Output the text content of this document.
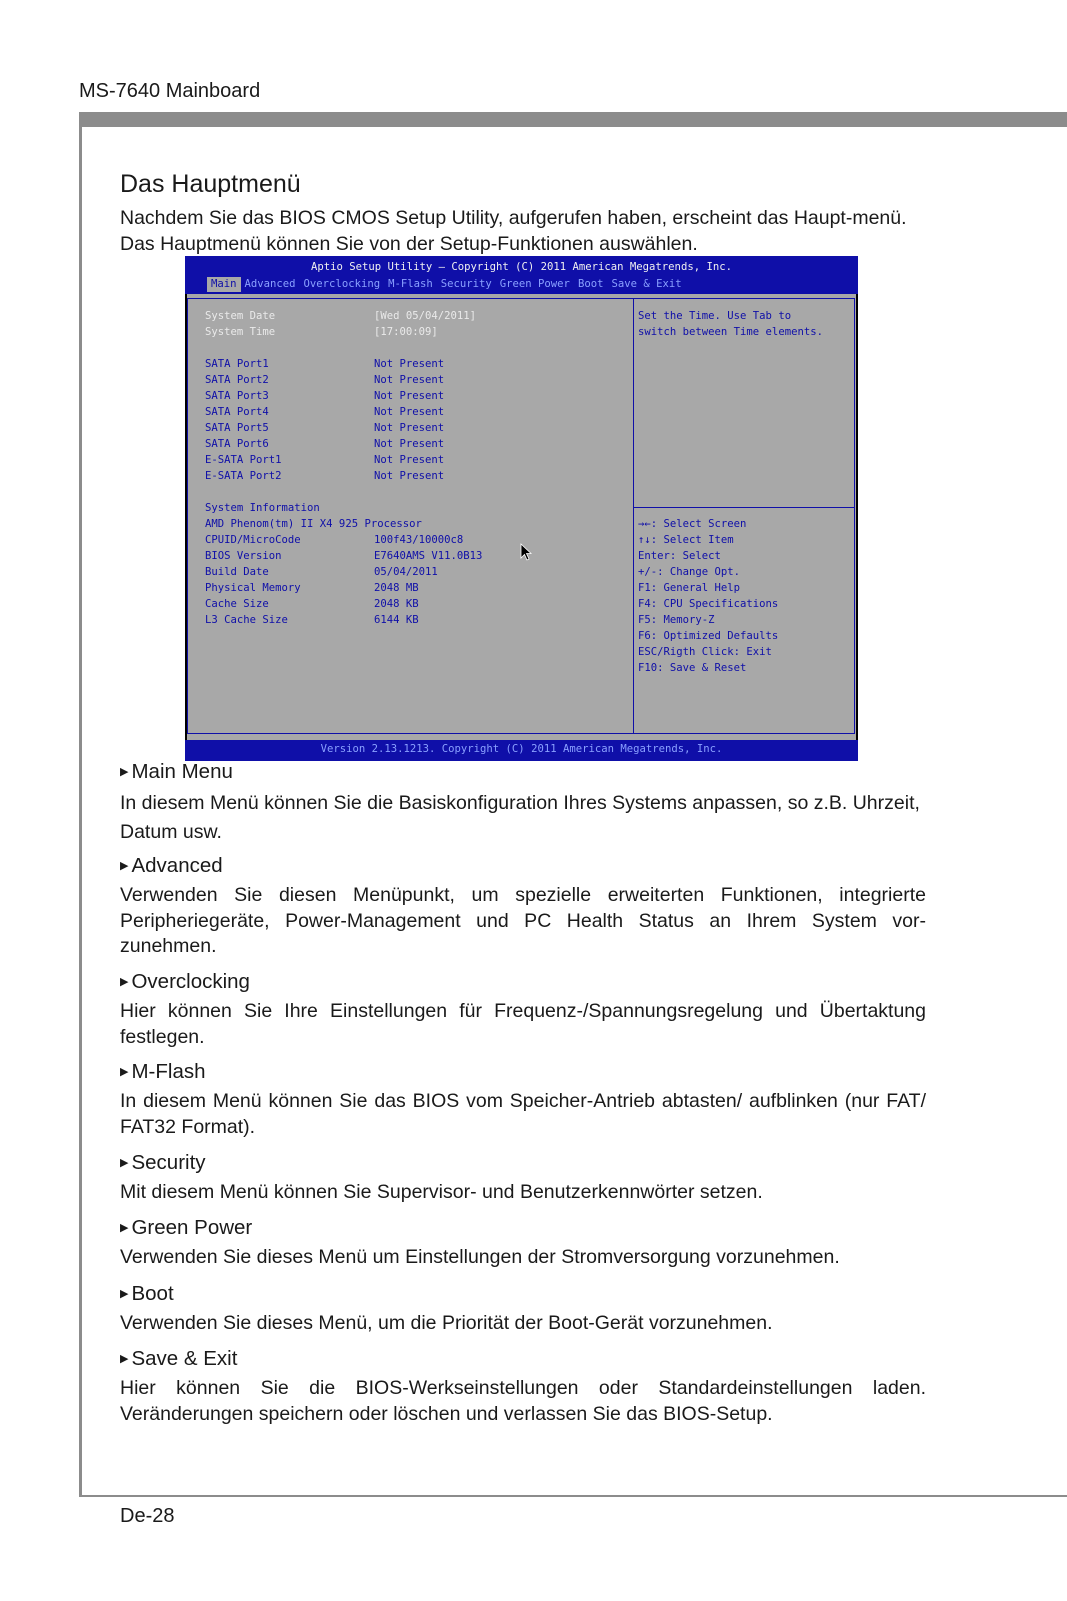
MS-7640 Mainboard
Das Hauptmenü
Nachdem Sie das BIOS CMOS Setup Utility, aufgerufen haben, erscheint das Haupt-menü. Das Hauptmenü können Sie von der Setup-Funktionen auswählen.
Aptio Setup Utility – Copyright (C) 2011 American Megatrends, Inc.
Main Advanced Overclocking M-Flash Security Green Power Boot Save & Exit
System Date	[Wed 05/04/2011]
System Time	[17:00:09]
SATA Port1	Not Present
SATA Port2	Not Present
SATA Port3	Not Present
SATA Port4	Not Present
SATA Port5	Not Present
SATA Port6	Not Present
E-SATA Port1	Not Present
E-SATA Port2	Not Present
System Information
AMD Phenom(tm) II X4 925 Processor
CPUID/MicroCode	100f43/10000c8
BIOS Version	E7640AMS V11.0B13
Build Date	05/04/2011
Physical Memory	2048 MB
Cache Size	2048 KB
L3 Cache Size	6144 KB
Set the Time. Use Tab to
switch between Time elements.
→←: Select Screen
↑↓: Select Item
Enter: Select
+/-: Change Opt.
F1: General Help
F4: CPU Specifications
F5: Memory-Z
F6: Optimized Defaults
ESC/Rigth Click: Exit
F10: Save & Reset
Version 2.13.1213. Copyright (C) 2011 American Megatrends, Inc.
▶ Main Menu
In diesem Menü können Sie die Basiskonfiguration Ihres Systems anpassen, so z.B. Uhrzeit, Datum usw.
▶ Advanced
Verwenden Sie diesen Menüpunkt, um spezielle erweiterten Funktionen, integrierte Peripheriegeräte, Power-Management und PC Health Status an Ihrem System vor-zunehmen.
▶ Overclocking
Hier können Sie Ihre Einstellungen für Frequenz-/Spannungsregelung und Übertaktung festlegen.
▶ M-Flash
In diesem Menü können Sie das BIOS vom Speicher-Antrieb abtasten/ aufblinken (nur FAT/ FAT32 Format).
▶ Security
Mit diesem Menü können Sie Supervisor- und Benutzerkennwörter setzen.
▶ Green Power
Verwenden Sie dieses Menü um Einstellungen der Stromversorgung vorzunehmen.
▶ Boot
Verwenden Sie dieses Menü, um die Priorität der Boot-Gerät vorzunehmen.
▶ Save & Exit
Hier können Sie die BIOS-Werkseinstellungen oder Standardeinstellungen laden. Veränderungen speichern oder löschen und verlassen Sie das BIOS-Setup.
De-28
